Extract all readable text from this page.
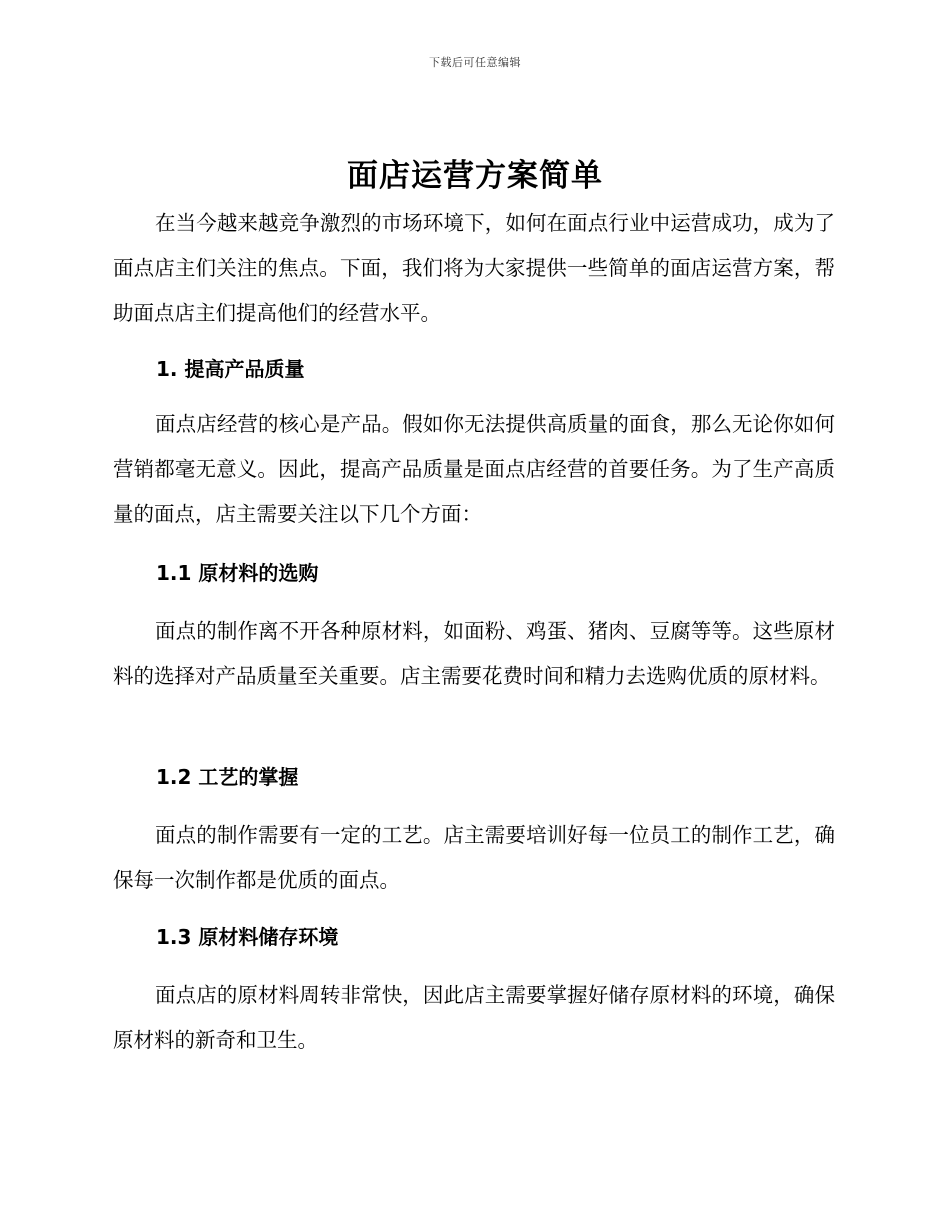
下载后可任意编辑
面店运营方案简单

在当今越来越竞争激烈的市场环境下，如何在面点行业中运营成功，成为了面点店主们关注的焦点。下面，我们将为大家提供一些简单的面店运营方案，帮助面点店主们提高他们的经营水平。

1. 提高产品质量

面点店经营的核心是产品。假如你无法提供高质量的面食，那么无论你如何营销都毫无意义。因此，提高产品质量是面点店经营的首要任务。为了生产高质量的面点，店主需要关注以下几个方面：

1.1 原材料的选购

面点的制作离不开各种原材料，如面粉、鸡蛋、猪肉、豆腐等等。这些原材料的选择对产品质量至关重要。店主需要花费时间和精力去选购优质的原材料。

1.2 工艺的掌握

面点的制作需要有一定的工艺。店主需要培训好每一位员工的制作工艺，确保每一次制作都是优质的面点。

1.3 原材料储存环境

面点店的原材料周转非常快，因此店主需要掌握好储存原材料的环境，确保原材料的新奇和卫生。
